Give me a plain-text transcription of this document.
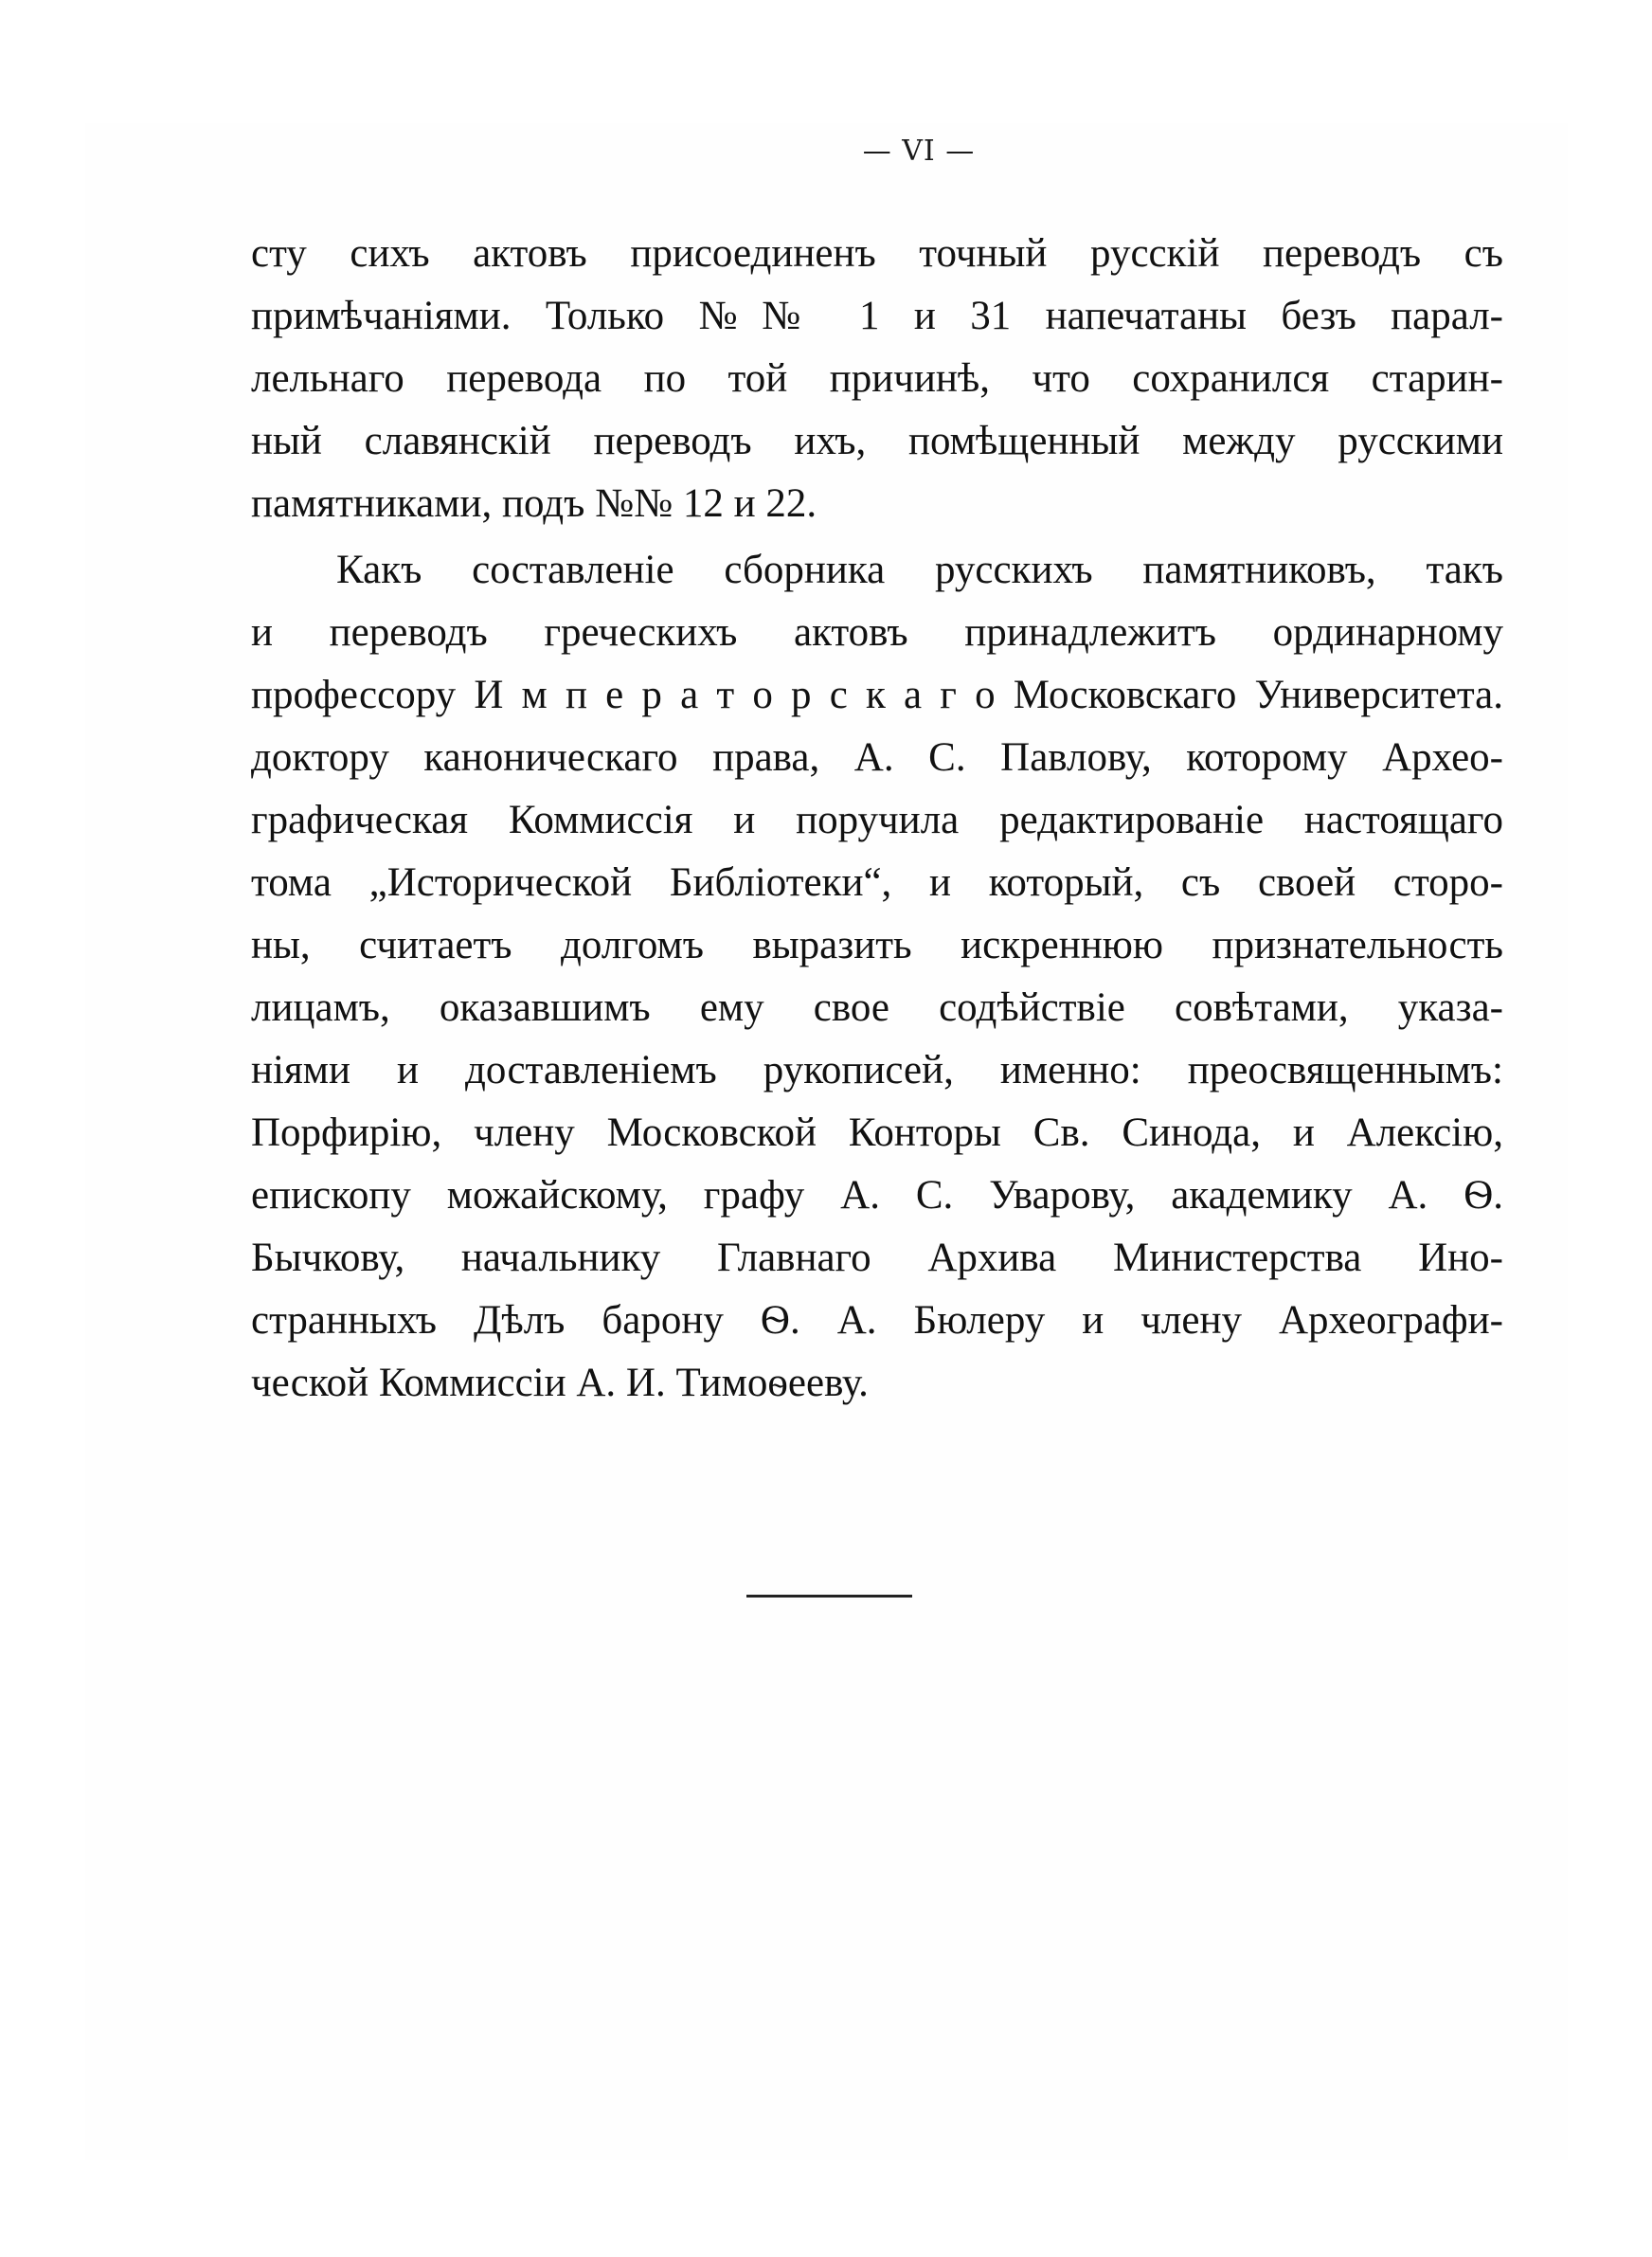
— VI —
сту сихъ актовъ присоединенъ точный русскій переводъ съ
примѣчаніями. Только №№ 1 и 31 напечатаны безъ парал-
лельнаго перевода по той причинѣ, что сохранился старин-
ный славянскій переводъ ихъ, помѣщенный между русскими
памятниками, подъ №№ 12 и 22.
Какъ составленіе сборника русскихъ памятниковъ, такъ
и переводъ греческихъ актовъ принадлежитъ ординарному
профессору И м п е р а т о р с к а г о Московскаго Университета.
доктору каноническаго права, А. С. Павлову, которому Архео-
графическая Коммиссія и поручила редактированіе настоящаго
тома „Исторической Библіотеки“, и который, съ своей сторо-
ны, считаетъ долгомъ выразить искреннюю признательность
лицамъ, оказавшимъ ему свое содѣйствіе совѣтами, указа-
ніями и доставленіемъ рукописей, именно: преосвященнымъ:
Порфирію, члену Московской Конторы Св. Синода, и Алексію,
епископу можайскому, графу А. С. Уварову, академику А. Ѳ.
Бычкову, начальнику Главнаго Архива Министерства Ино-
странныхъ Дѣлъ барону Ѳ. А. Бюлеру и члену Археографи-
ческой Коммиссіи А. И. Тимоѳееву.
